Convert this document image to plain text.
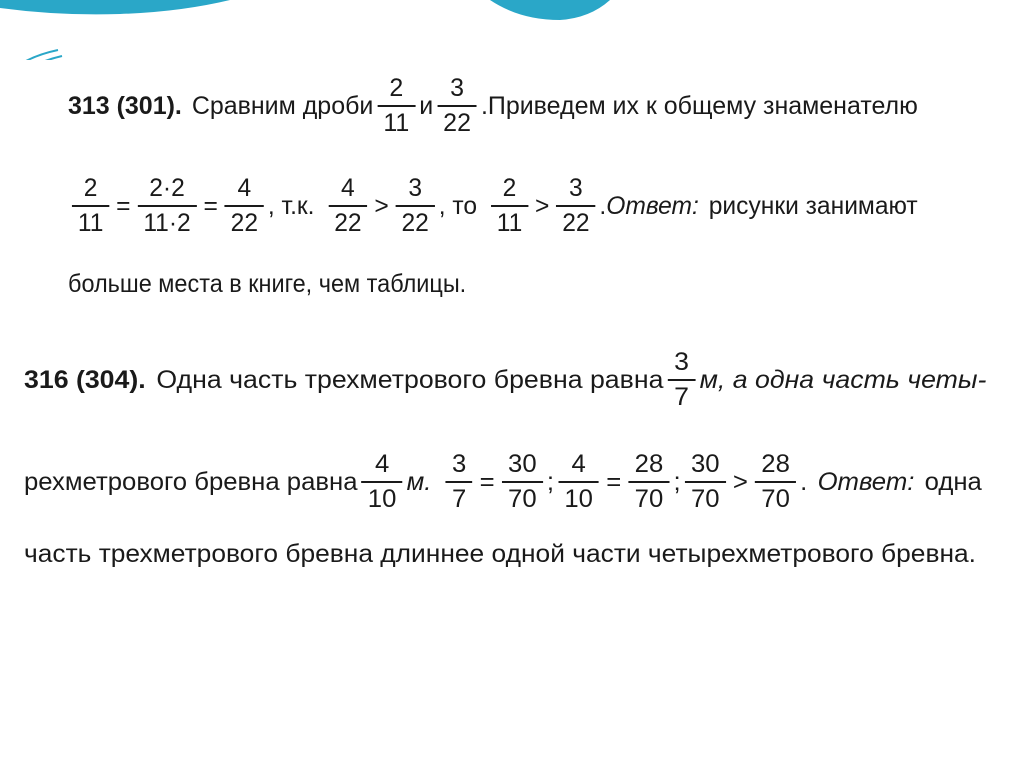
313 (301). Сравним дроби $\frac{2}{11}$ и $\frac{3}{22}$ .Приведем их к общему знаменателю
$\frac{2}{11} = \frac{2\cdot 2}{11\cdot 2} = \frac{4}{22}$ , т.к. $\frac{4}{22} > \frac{3}{22}$ , то $\frac{2}{11} > \frac{3}{22}$ . Ответ: рисунки занимают
больше места в книге, чем таблицы.
316 (304). Одна часть трехметрового бревна равна $\frac{3}{7} м$, а одна часть четы-
рехметрового бревна равна $\frac{4}{10} м$. $\frac{3}{7} = \frac{30}{70}$ ; $\frac{4}{10} = \frac{28}{70}$ ; $\frac{30}{70} > \frac{28}{70}$ . Ответ: одна
часть трехметрового бревна длиннее одной части четырехметрового бревна.
